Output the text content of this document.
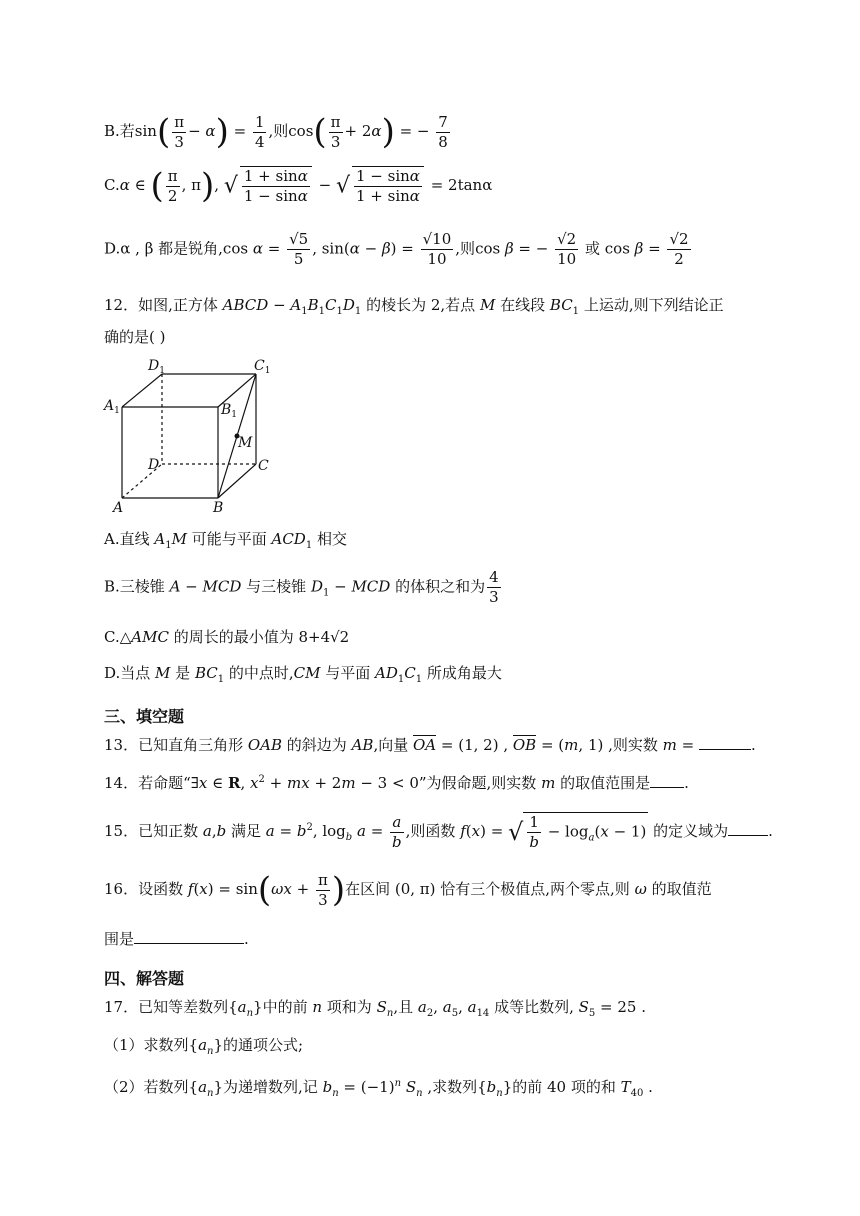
B.若$\sin( \frac{\pi}{3} - \alpha) = \frac{1}{4}$ ,则$\cos( \frac{\pi}{3} + 2\alpha)$ = − $\frac{7}{8}$
C.α ∈ ( $\frac{\pi}{2}$ , π), √ $\frac{1 + \sin\alpha}{1 - \sin\alpha}$ − √ $\frac{1 - \sin\alpha}{1 + \sin\alpha} = 2\tan\alpha$
D.α , β 都是锐角,cos $\alpha = \frac{√5}{5}$ , $\sin(\alpha - \beta) = \frac{√10}{10}$ ,则cos β = − $\frac{√2}{10}$ 或 $\cos \beta = \frac{√2}{2}$
12．如图,正方体 ABCD − $A_1B_1C_1D_1$ 的棱长为 2,若点 M 在线段 $BC_1$ 上运动,则下列结论正
确的是( )
$D_1$	$C_1$
$A_1$	$B_1$
M
D	C
A	B
A.直线 $A_1M$ 可能与平面 $ACD_1$ 相交
B.三棱锥 A − MCD 与三棱锥 $D_1$ − MCD 的体积之和为 $\frac{4}{3}$
C.△AMC 的周长的最小值为 8+4√2
D.当点 M 是 $BC_1$ 的中点时,CM 与平面 $AD_1C_1$ 所成角最大
三、填空题
13．已知直角三角形 OAB 的斜边为 AB,向量 OA = (1, 2) , OB = (m, 1) ,则实数 m =	.
14．若命题“∃x ∈ R, $x^2$ + mx + 2m − 3 < 0”为假命题,则实数 m 的取值范围是 .
15．已知正数 a,b 满足 $a = b^2$, $\log_b a = \frac{a}{b}$ ,则函数 f(x) = √ $\frac{1}{b} - \log_a(x - 1)$ 的定义域为	.
16．设函数 $f(x) = \sin(\omega x + \frac{\pi}{3}$ )在区间 (0, π) 恰有三个极值点,两个零点,则 ω 的取值范
围是	.
四、解答题
17．已知等差数列$\{a_n\}$中的前 n 项和为 $S_n$,且 $a_2$, $a_5$, $a_{14}$ 成等比数列, $S_5 = 25$ .
（1）求数列$\{a_n\}$的通项公式;
（2）若数列$\{a_n\}$为递增数列,记 $b_n = (-1)^n$ $S_n$ ,求数列$\{b_n\}$的前 40 项的和 $T_{40}$ .
